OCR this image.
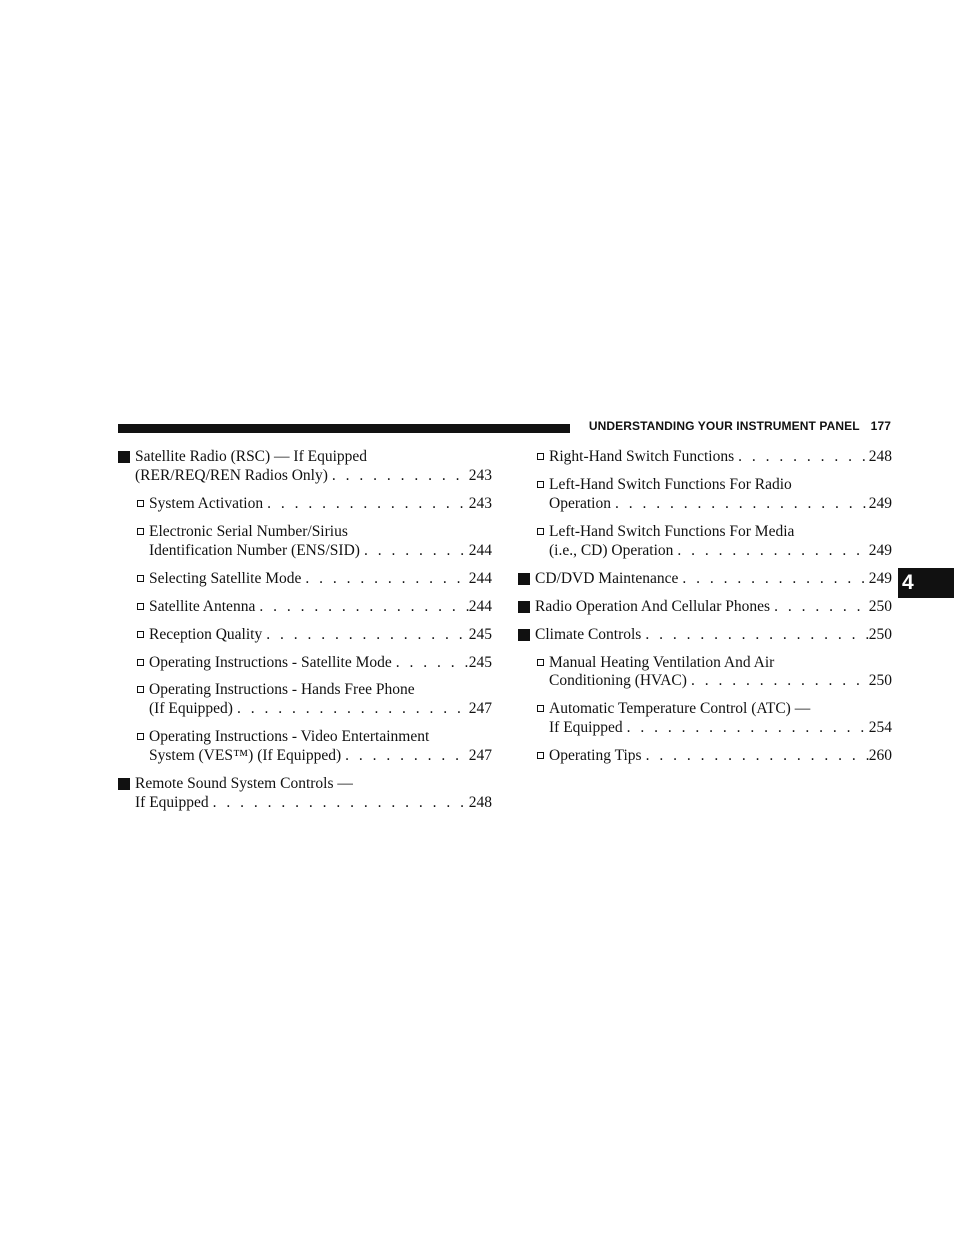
UNDERSTANDING YOUR INSTRUMENT PANEL 177
4
Satellite Radio (RSC) — If Equipped
(RER/REQ/REN Radios Only) . . .	243
System Activation . . .	243
Electronic Serial Number/Sirius
Identification Number (ENS/SID) . . .	244
Selecting Satellite Mode . . .	244
Satellite Antenna . . .	244
Reception Quality . . .	245
Operating Instructions - Satellite Mode . . .	245
Operating Instructions - Hands Free Phone
(If Equipped) . . .	247
Operating Instructions - Video Entertainment
System (VES™) (If Equipped) . . .	247
Remote Sound System Controls —
If Equipped . . .	248
Right-Hand Switch Functions . . .	248
Left-Hand Switch Functions For Radio
Operation . . .	249
Left-Hand Switch Functions For Media
(i.e., CD) Operation . . .	249
CD/DVD Maintenance . . .	249
Radio Operation And Cellular Phones . . .	250
Climate Controls . . .	250
Manual Heating Ventilation And Air
Conditioning (HVAC) . . .	250
Automatic Temperature Control (ATC) —
If Equipped . . .	254
Operating Tips . . .	260
